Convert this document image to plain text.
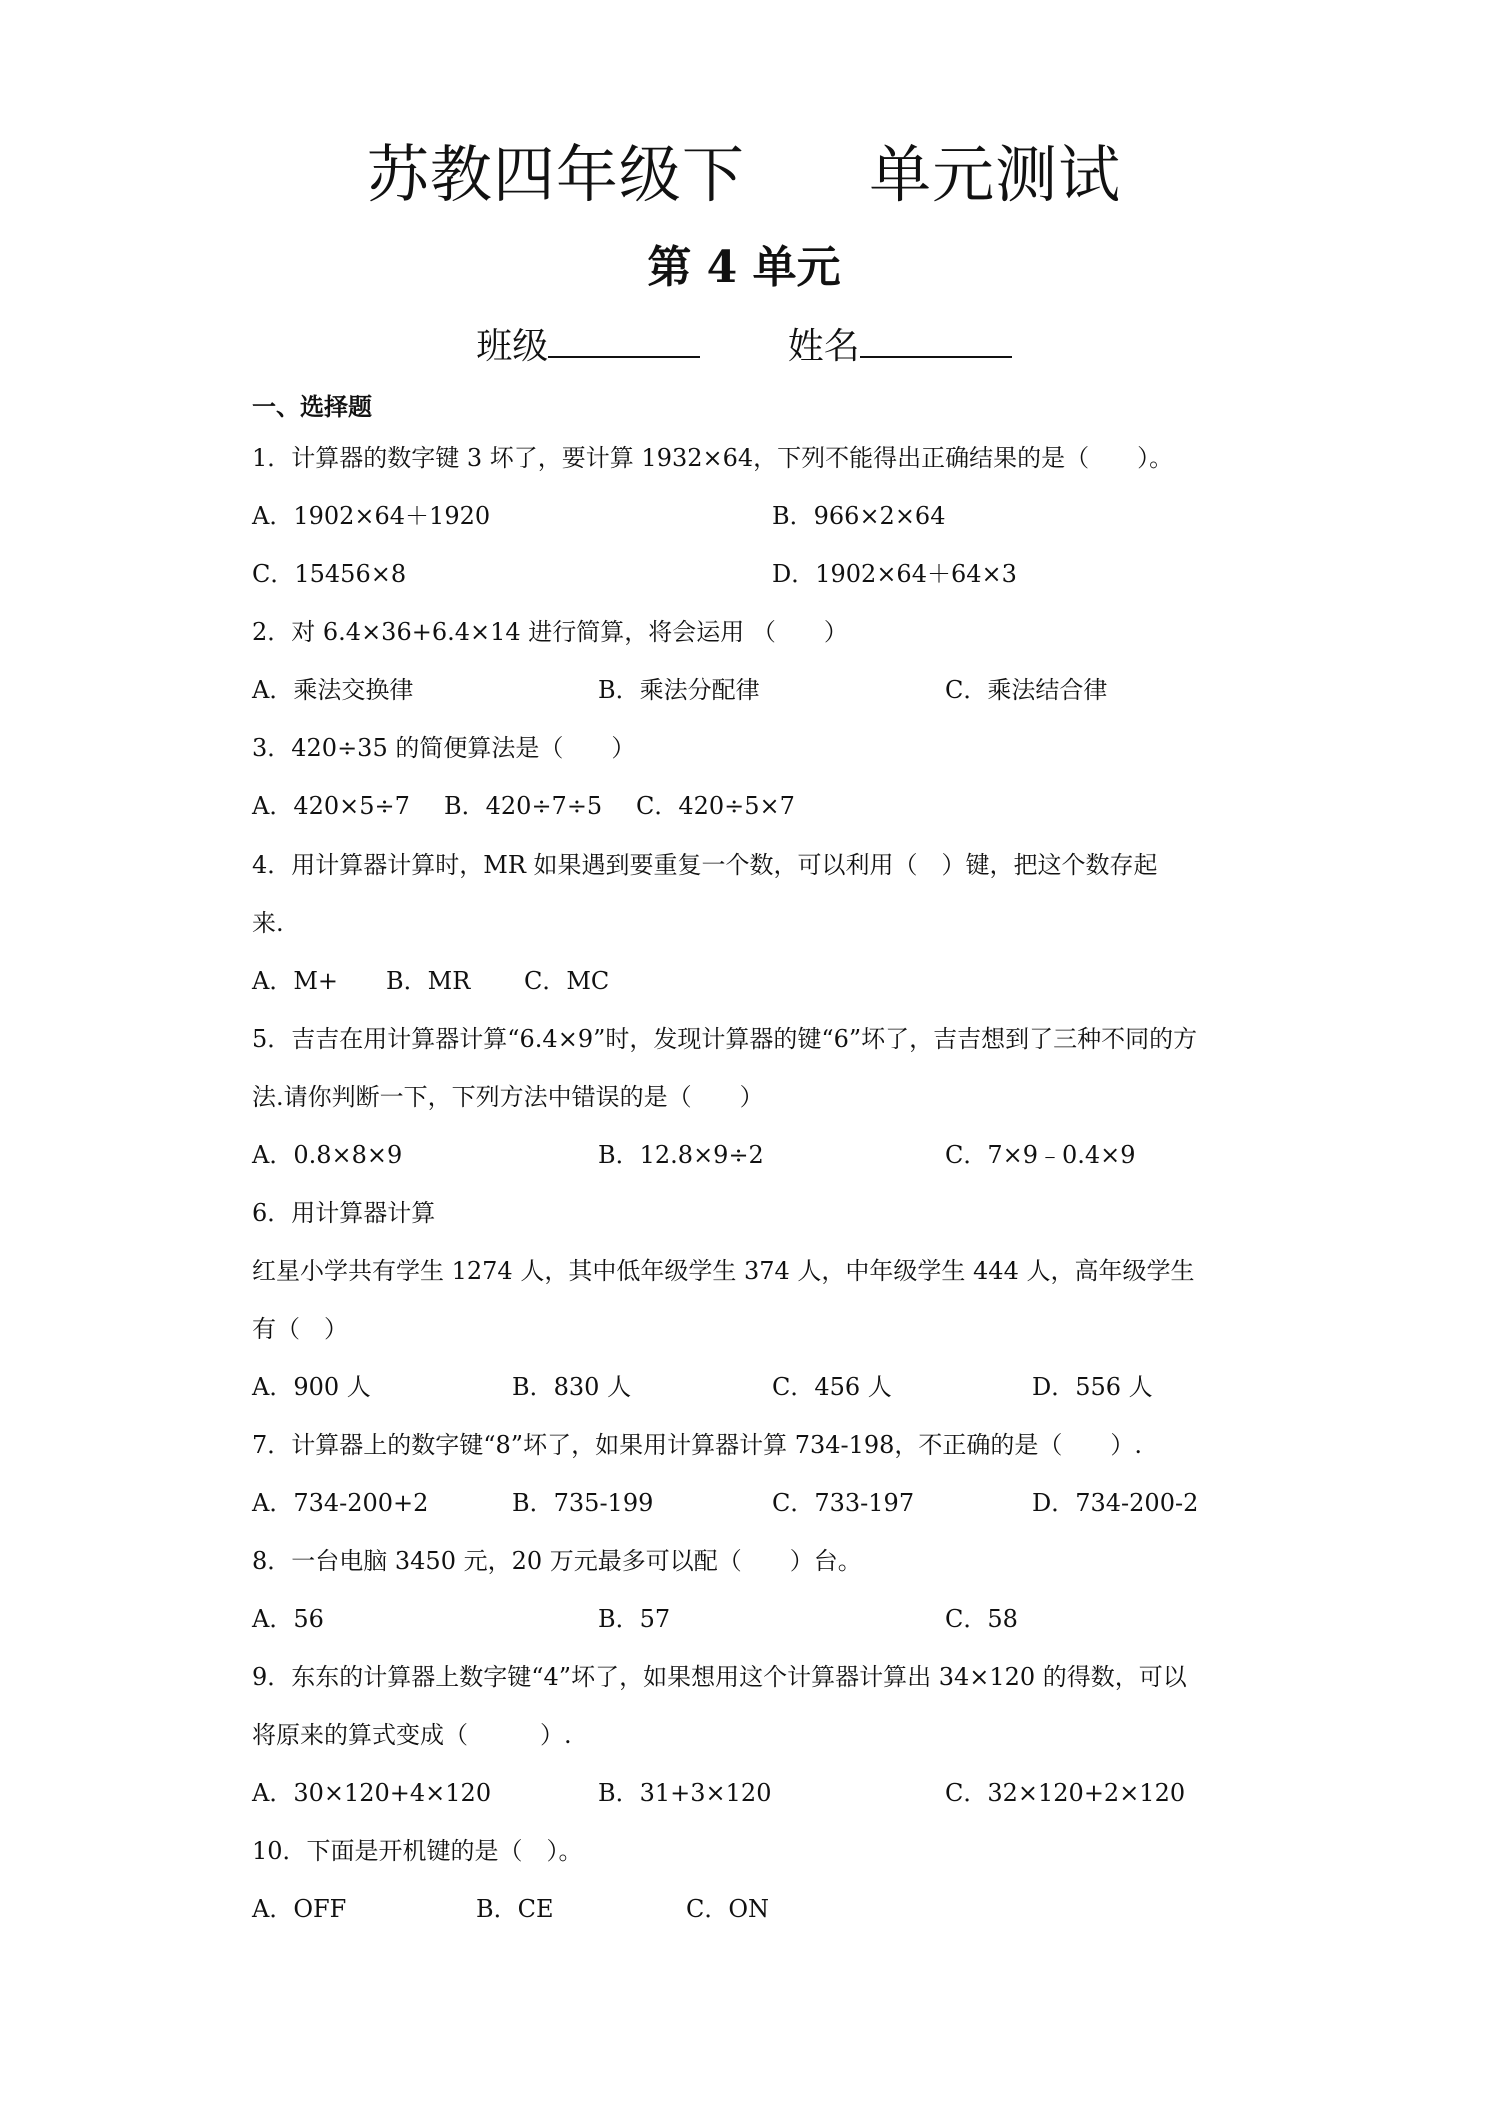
苏教四年级下      单元测试
第 4 单元
班级	姓名
一、选择题
1．计算器的数字键 3 坏了，要计算 1932×64，下列不能得出正确结果的是（　　）。
A．1902×64＋1920	B．966×2×64
C．15456×8	D．1902×64＋64×3
2．对 6.4×36+6.4×14 进行简算，将会运用 （　　）
A．乘法交换律	B．乘法分配律	C．乘法结合律
3．420÷35 的简便算法是（　　）
A．420×5÷7 B．420÷7÷5 C．420÷5×7
4．用计算器计算时，MR 如果遇到要重复一个数，可以利用（　）键，把这个数存起
来.
A．M+ B．MR C．MC
5．吉吉在用计算器计算“6.4×9”时，发现计算器的键“6”坏了，吉吉想到了三种不同的方
法.请你判断一下，下列方法中错误的是（　　）
A．0.8×8×9	B．12.8×9÷2	C．7×9﹣0.4×9
6．用计算器计算
红星小学共有学生 1274 人，其中低年级学生 374 人，中年级学生 444 人，高年级学生
有（　）
A．900 人	B．830 人	C．456 人	D．556 人
7．计算器上的数字键“8”坏了，如果用计算器计算 734-198，不正确的是（　　）.
A．734-200+2	B．735-199	C．733-197	D．734-200-2
8．一台电脑 3450 元，20 万元最多可以配（　　）台。
A．56	B．57	C．58
9．东东的计算器上数字键“4”坏了，如果想用这个计算器计算出 34×120 的得数，可以
将原来的算式变成（　　　）.
A．30×120+4×120	B．31+3×120	C．32×120+2×120
10．下面是开机键的是（　）。
A．OFF	B．CE	C．ON
